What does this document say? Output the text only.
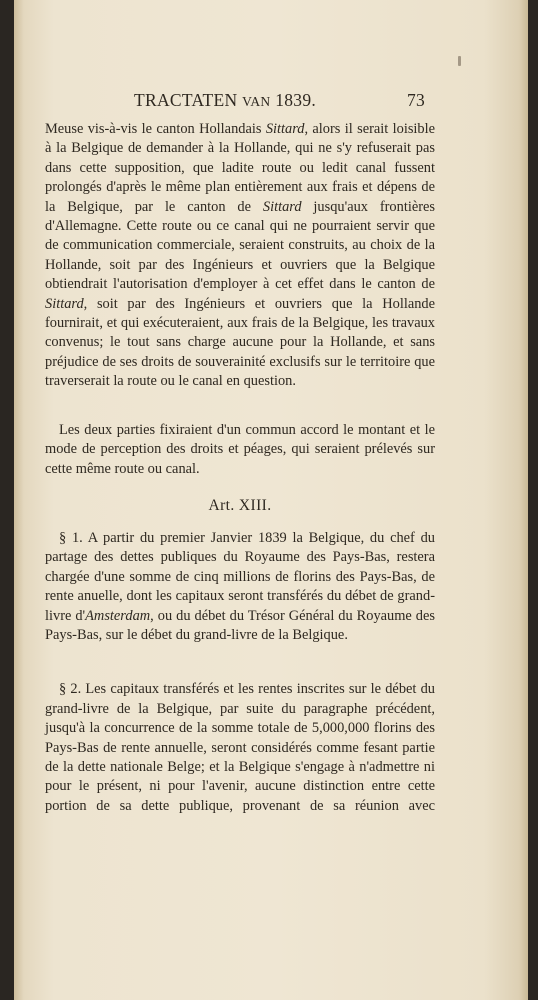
TRACTATEN VAN 1839.	73

Meuse vis-à-vis le canton Hollandais Sittard, alors il serait loisible à la Belgique de demander à la Hollande, qui ne s'y refuserait pas dans cette supposition, que ladite route ou ledit canal fussent prolongés d'après le même plan entièrement aux frais et dépens de la Belgique, par le canton de Sittard jusqu'aux frontières d'Allemagne. Cette route ou ce canal qui ne pourraient servir que de communication commerciale, seraient construits, au choix de la Hollande, soit par des Ingénieurs et ouvriers que la Belgique obtiendrait l'autorisation d'employer à cet effet dans le canton de Sittard, soit par des Ingénieurs et ouvriers que la Hollande fournirait, et qui exécuteraient, aux frais de la Belgique, les travaux convenus; le tout sans charge aucune pour la Hollande, et sans préjudice de ses droits de souverainité exclusifs sur le territoire que traverserait la route ou le canal en question.

Les deux parties fixiraient d'un commun accord le montant et le mode de perception des droits et péages, qui seraient prélevés sur cette même route ou canal.

Art. XIII.

§ 1. A partir du premier Janvier 1839 la Belgique, du chef du partage des dettes publiques du Royaume des Pays-Bas, restera chargée d'une somme de cinq millions de florins des Pays-Bas, de rente anuelle, dont les capitaux seront transférés du débet de grand-livre d'Amsterdam, ou du débet du Trésor Général du Royaume des Pays-Bas, sur le débet du grand-livre de la Belgique.

§ 2. Les capitaux transférés et les rentes inscrites sur le débet du grand-livre de la Belgique, par suite du paragraphe précédent, jusqu'à la concurrence de la somme totale de 5,000,000 florins des Pays-Bas de rente annuelle, seront considérés comme fesant partie de la dette nationale Belge; et la Belgique s'engage à n'admettre ni pour le présent, ni pour l'avenir, aucune distinction entre cette portion de sa dette publique, provenant de sa réunion avec
